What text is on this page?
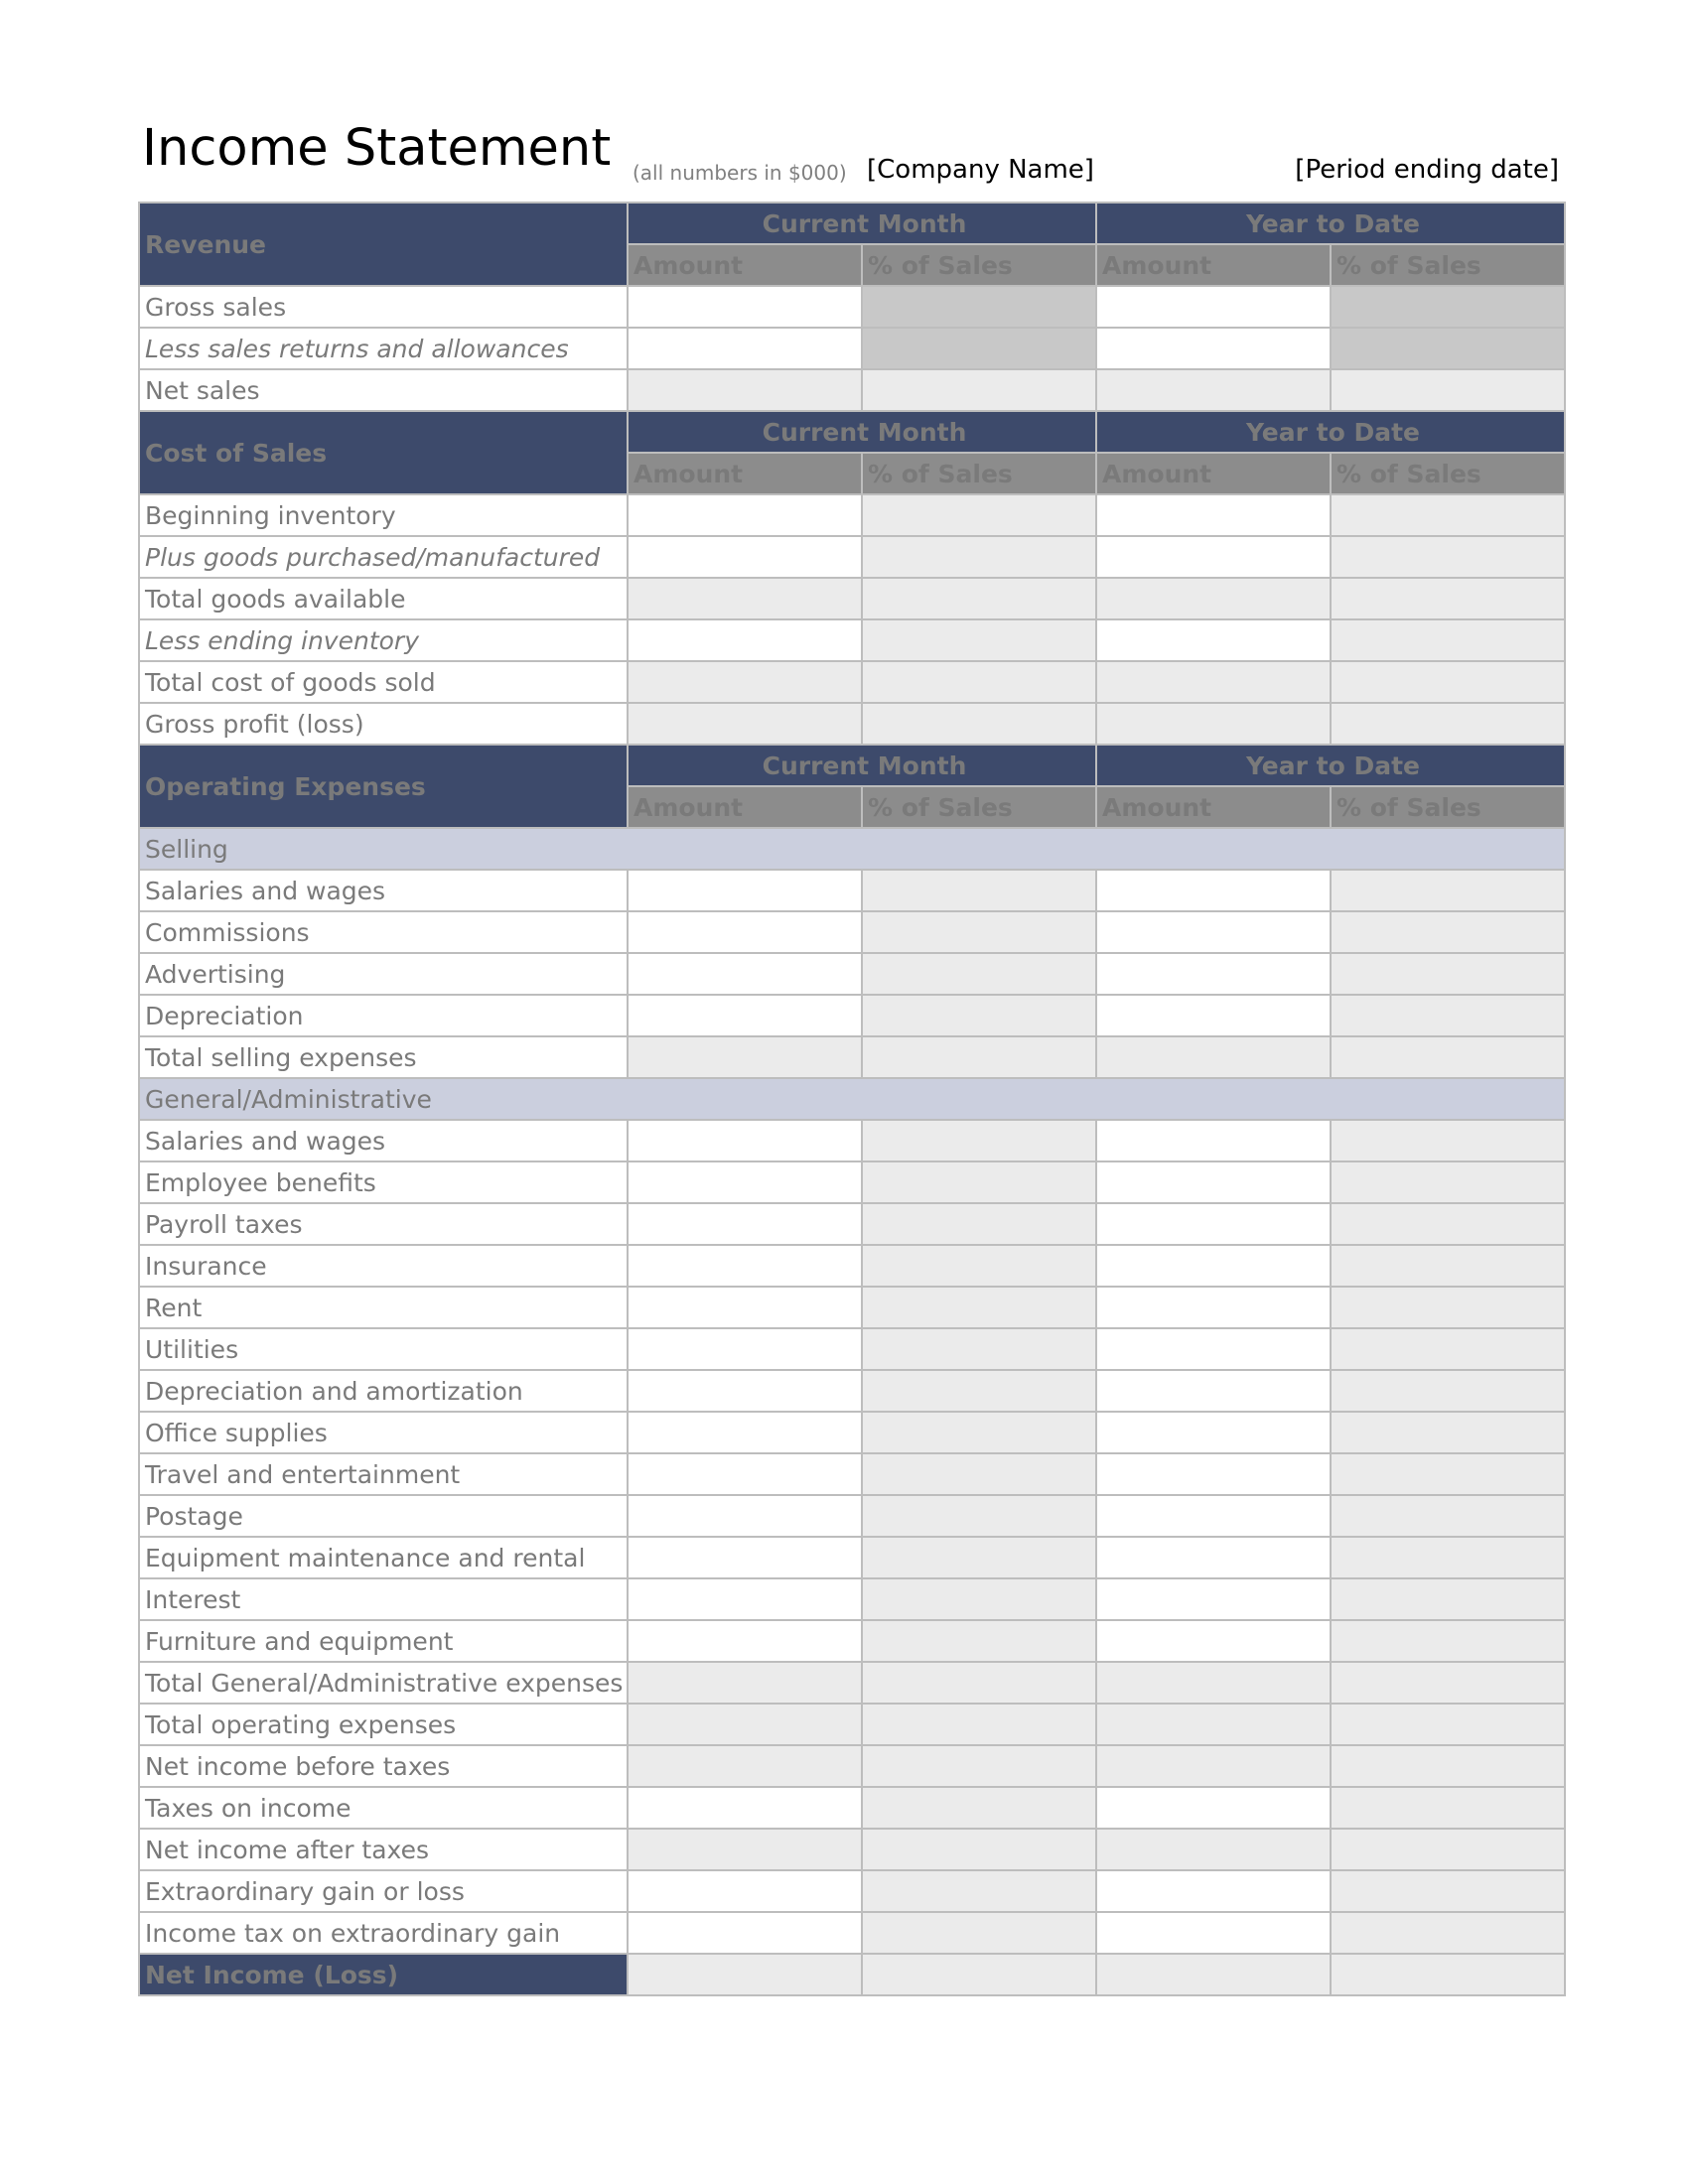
Income Statement (all numbers in $000) [Company Name]	[Period ending date]
Revenue	Current Month		Year to Date	
	Amount	% of Sales	Amount	% of Sales
Gross sales				
Less sales returns and allowances				
Net sales				
Cost of Sales	Current Month		Year to Date	
	Amount	% of Sales	Amount	% of Sales
Beginning inventory				
Plus goods purchased/manufactured				
Total goods available				
Less ending inventory				
Total cost of goods sold				
Gross profit (loss)				
Operating Expenses	Current Month		Year to Date	
	Amount	% of Sales	Amount	% of Sales
Selling				
Salaries and wages				
Commissions				
Advertising				
Depreciation				
Total selling expenses				
General/Administrative				
Salaries and wages				
Employee benefits				
Payroll taxes				
Insurance				
Rent				
Utilities				
Depreciation and amortization				
Office supplies				
Travel and entertainment				
Postage				
Equipment maintenance and rental				
Interest				
Furniture and equipment				
Total General/Administrative expenses				
Total operating expenses				
Net income before taxes				
Taxes on income				
Net income after taxes				
Extraordinary gain or loss				
Income tax on extraordinary gain				
Net Income (Loss)				
